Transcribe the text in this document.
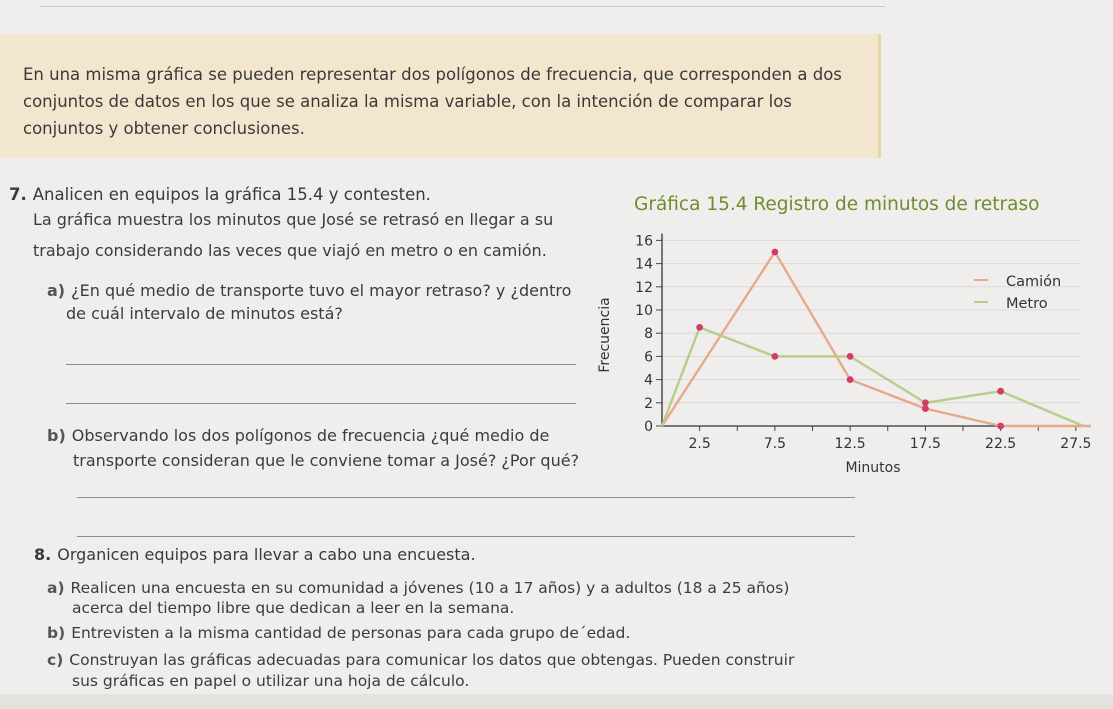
En una misma gráfica se pueden representar dos polígonos de frecuencia, que corresponden a dos conjuntos de datos en los que se analiza la misma variable, con la intención de comparar los conjuntos y obtener conclusiones.
7. Analicen en equipos la gráfica 15.4 y contesten.
La gráfica muestra los minutos que José se retrasó en llegar a su
trabajo considerando las veces que viajó en metro o en camión.
a) ¿En qué medio de transporte tuvo el mayor retraso? y ¿dentro
de cuál intervalo de minutos está?
b) Observando los dos polígonos de frecuencia ¿qué medio de
transporte consideran que le conviene tomar a José? ¿Por qué?
Gráfica 15.4 Registro de minutos de retraso
0
2
4
6
8
10
12
14
16
2.5	7.5	12.5	17.5	22.5	27.5
Camión
Metro
Frecuencia
Minutos
8. Organicen equipos para llevar a cabo una encuesta.
a) Realicen una encuesta en su comunidad a jóvenes (10 a 17 años) y a adultos (18 a 25 años)
acerca del tiempo libre que dedican a leer en la semana.
b) Entrevisten a la misma cantidad de personas para cada grupo de´edad.
c) Construyan las gráficas adecuadas para comunicar los datos que obtengas. Pueden construir
sus gráficas en papel o utilizar una hoja de cálculo.
